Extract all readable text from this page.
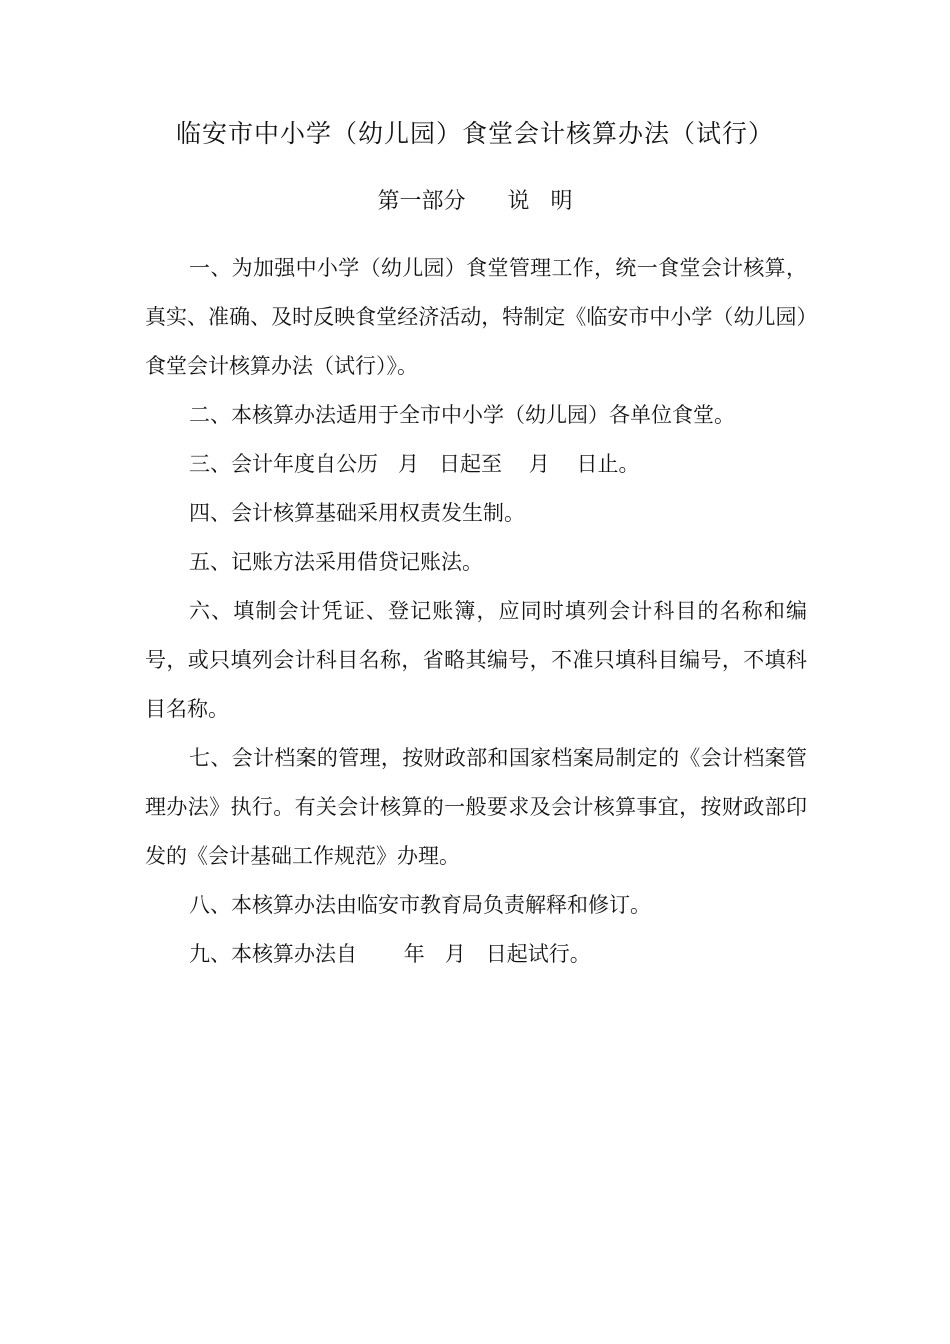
临安市中小学（幼儿园）食堂会计核算办法（试行）
第一部分      说   明

一、为加强中小学（幼儿园）食堂管理工作，统一食堂会计核算，真实、准确、及时反映食堂经济活动，特制定《临安市中小学（幼儿园）食堂会计核算办法（试行）》。

二、本核算办法适用于全市中小学（幼儿园）各单位食堂。

三、会计年度自公历   月   日起至    月    日止。

四、会计核算基础采用权责发生制。

五、记账方法采用借贷记账法。

六、填制会计凭证、登记账簿，应同时填列会计科目的名称和编号，或只填列会计科目名称，省略其编号，不准只填科目编号，不填科目名称。

七、会计档案的管理，按财政部和国家档案局制定的《会计档案管理办法》执行。有关会计核算的一般要求及会计核算事宜，按财政部印发的《会计基础工作规范》办理。

八、本核算办法由临安市教育局负责解释和修订。

九、本核算办法自       年   月   日起试行。
